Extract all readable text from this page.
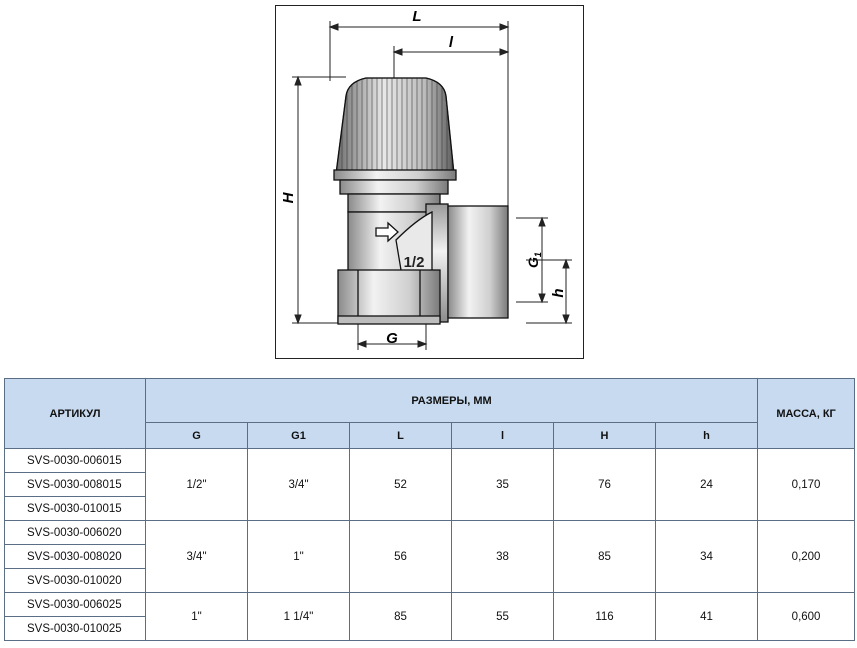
L
l
H
$G_1$
h
G
1/2
АРТИКУЛ	РАЗМЕРЫ, ММ						МАССА, КГ
	G	G1	L	l	H	h	
SVS-0030-006015	1/2"	3/4"	52	35	76	24	0,170
SVS-0030-008015							
SVS-0030-010015							
SVS-0030-006020	3/4"	1"	56	38	85	34	0,200
SVS-0030-008020							
SVS-0030-010020							
SVS-0030-006025	1"	1 1/4"	85	55	116	41	0,600
SVS-0030-010025							
